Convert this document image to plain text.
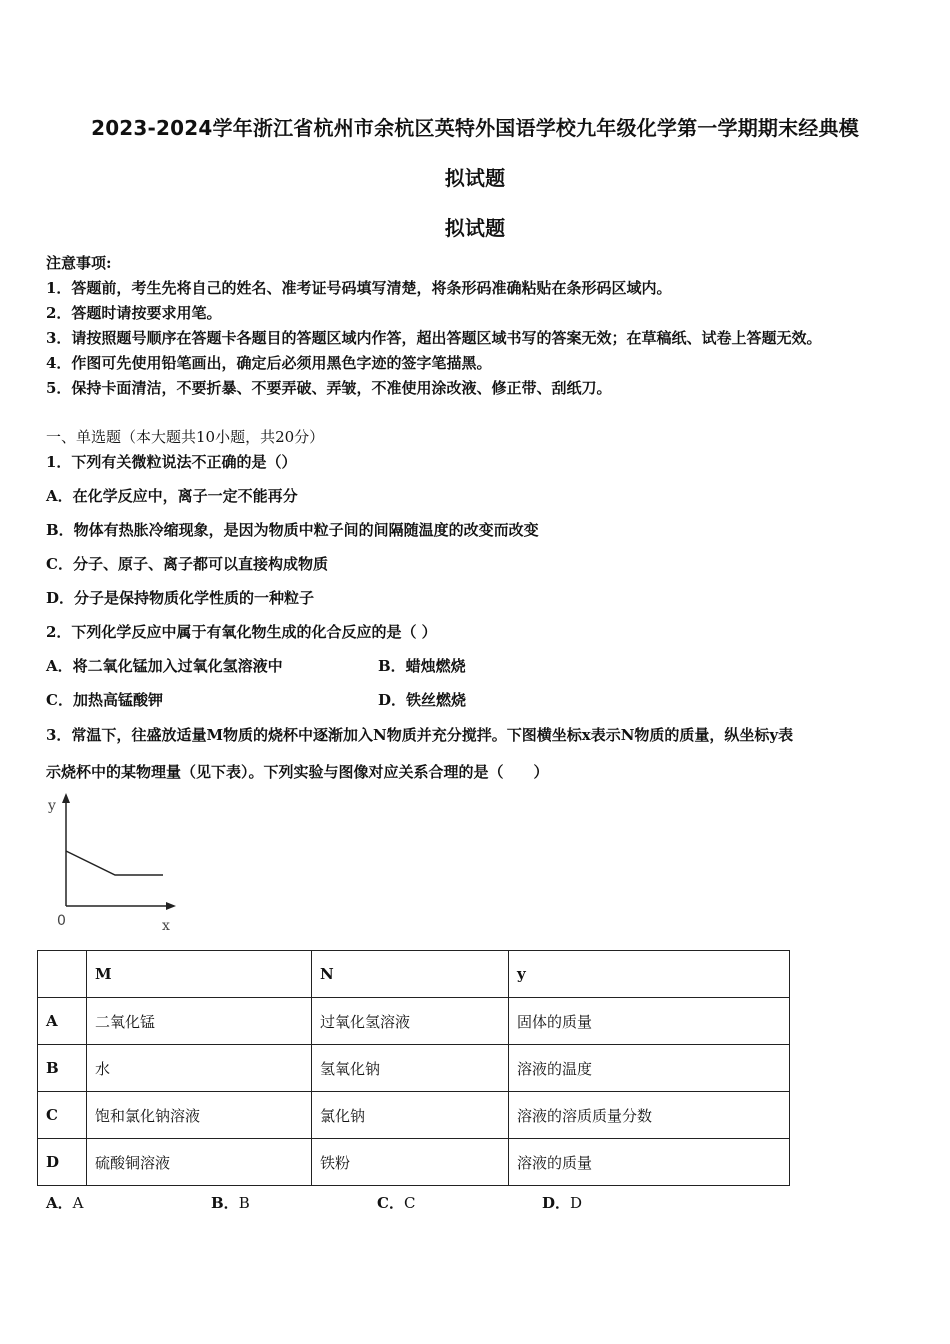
2023-2024学年浙江省杭州市余杭区英特外国语学校九年级化学第一学期期末经典模
拟试题
拟试题
注意事项:
1．答题前，考生先将自己的姓名、准考证号码填写清楚，将条形码准确粘贴在条形码区域内。
2．答题时请按要求用笔。
3．请按照题号顺序在答题卡各题目的答题区域内作答，超出答题区域书写的答案无效；在草稿纸、试卷上答题无效。
4．作图可先使用铅笔画出，确定后必须用黑色字迹的签字笔描黑。
5．保持卡面清洁，不要折暴、不要弄破、弄皱，不准使用涂改液、修正带、刮纸刀。
一、单选题（本大题共10小题，共20分）
1．下列有关微粒说法不正确的是（）
A．在化学反应中，离子一定不能再分
B．物体有热胀冷缩现象，是因为物质中粒子间的间隔随温度的改变而改变
C．分子、原子、离子都可以直接构成物质
D．分子是保持物质化学性质的一种粒子
2．下列化学反应中属于有氧化物生成的化合反应的是（ ）
A．将二氧化锰加入过氧化氢溶液中	B．蜡烛燃烧
C．加热高锰酸钾	D．铁丝燃烧
3．常温下，往盛放适量M物质的烧杯中逐渐加入N物质并充分搅拌。下图横坐标x表示N物质的质量，纵坐标y表
示烧杯中的某物理量（见下表）。下列实验与图像对应关系合理的是（　　）
y
x
0
	M	N	y
A	二氧化锰	过氧化氢溶液	固体的质量
B	水	氢氧化钠	溶液的温度
C	饱和氯化钠溶液	氯化钠	溶液的溶质质量分数
D	硫酸铜溶液	铁粉	溶液的质量
A．A	B．B	C．C	D．D
